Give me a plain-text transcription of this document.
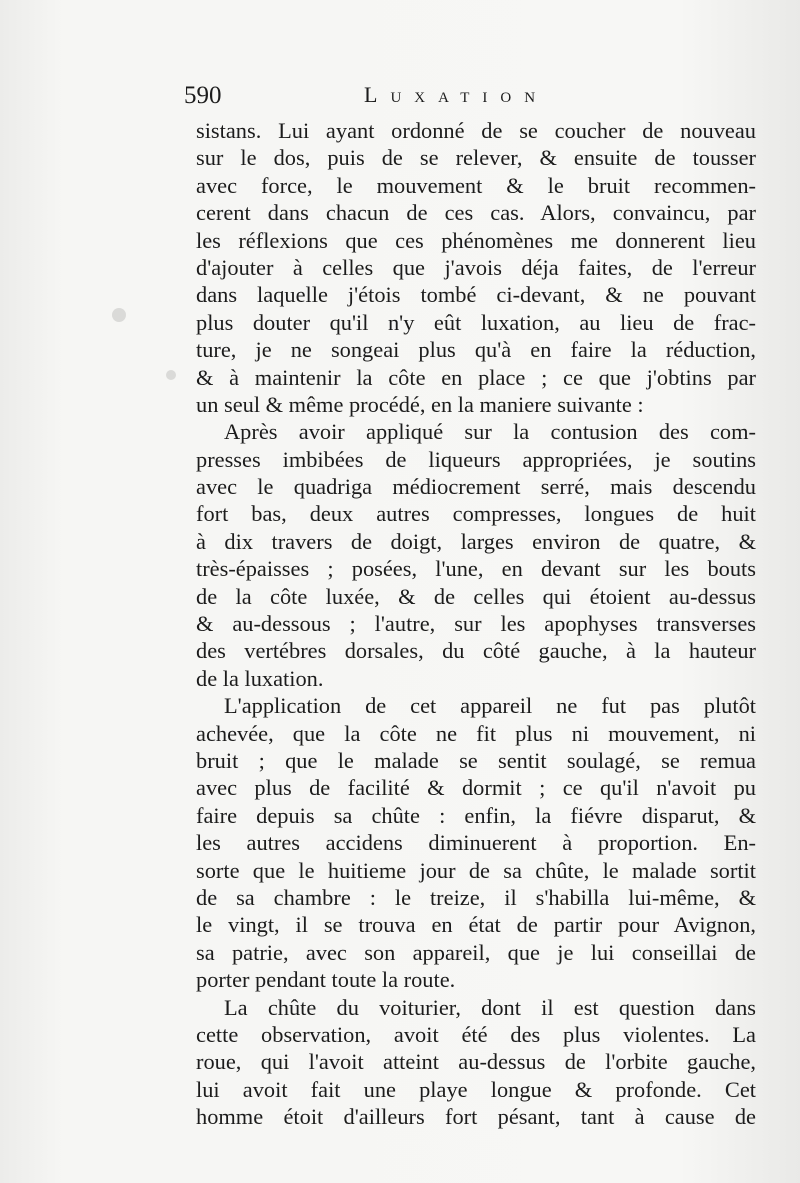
590	Luxation
sistans. Lui ayant ordonné de se coucher de nouveau
sur le dos, puis de se relever, & ensuite de tousser
avec force, le mouvement & le bruit recommen-
cerent dans chacun de ces cas. Alors, convaincu, par
les réflexions que ces phénomènes me donnerent lieu
d'ajouter à celles que j'avois déja faites, de l'erreur
dans laquelle j'étois tombé ci-devant, & ne pouvant
plus douter qu'il n'y eût luxation, au lieu de frac-
ture, je ne songeai plus qu'à en faire la réduction,
& à maintenir la côte en place ; ce que j'obtins par
un seul & même procédé, en la maniere suivante :
Après avoir appliqué sur la contusion des com-
presses imbibées de liqueurs appropriées, je soutins
avec le quadriga médiocrement serré, mais descendu
fort bas, deux autres compresses, longues de huit
à dix travers de doigt, larges environ de quatre, &
très-épaisses ; posées, l'une, en devant sur les bouts
de la côte luxée, & de celles qui étoient au-dessus
& au-dessous ; l'autre, sur les apophyses transverses
des vertébres dorsales, du côté gauche, à la hauteur
de la luxation.
L'application de cet appareil ne fut pas plutôt
achevée, que la côte ne fit plus ni mouvement, ni
bruit ; que le malade se sentit soulagé, se remua
avec plus de facilité & dormit ; ce qu'il n'avoit pu
faire depuis sa chûte : enfin, la fiévre disparut, &
les autres accidens diminuerent à proportion. En-
sorte que le huitieme jour de sa chûte, le malade sortit
de sa chambre : le treize, il s'habilla lui-même, &
le vingt, il se trouva en état de partir pour Avignon,
sa patrie, avec son appareil, que je lui conseillai de
porter pendant toute la route.
La chûte du voiturier, dont il est question dans
cette observation, avoit été des plus violentes. La
roue, qui l'avoit atteint au-dessus de l'orbite gauche,
lui avoit fait une playe longue & profonde. Cet
homme étoit d'ailleurs fort pésant, tant à cause de
